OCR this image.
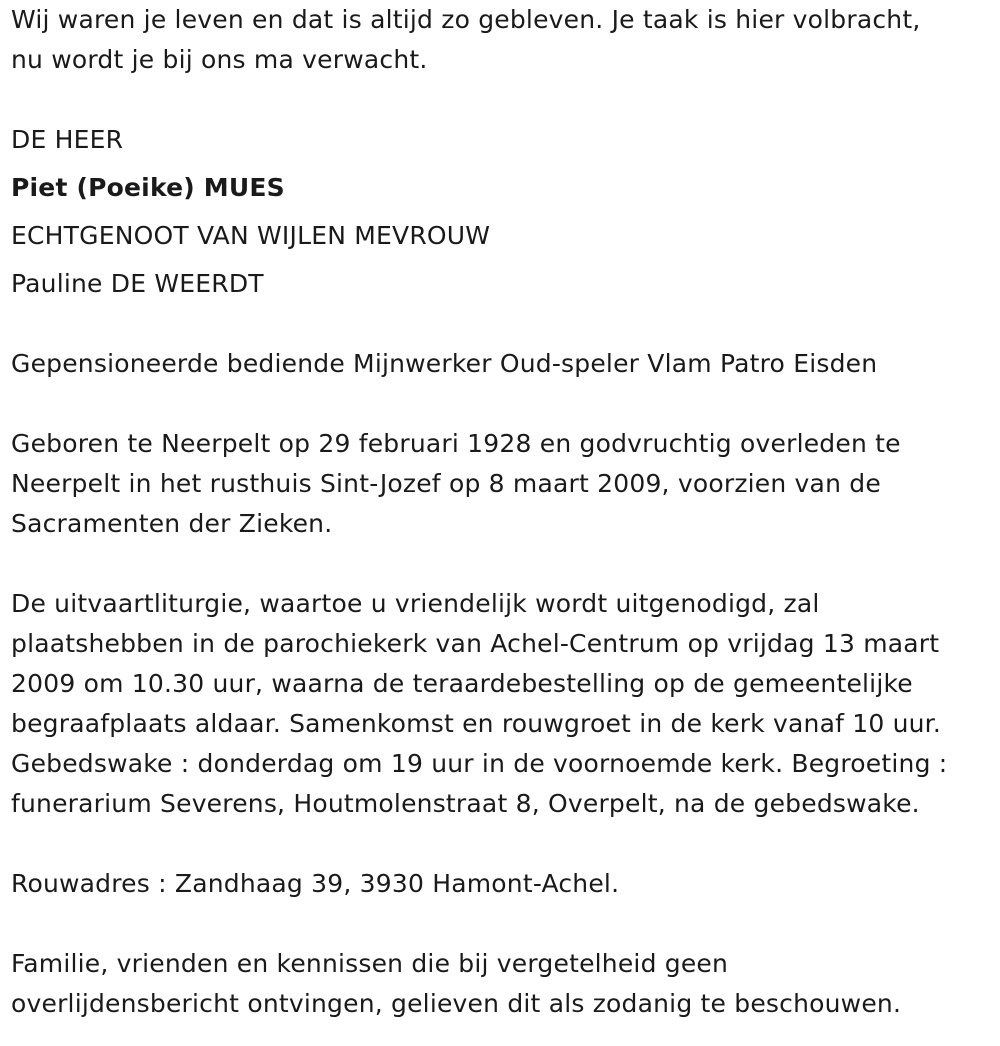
Wij waren je leven en dat is altijd zo gebleven. Je taak is hier volbracht,

nu wordt je bij ons ma verwacht.

DE HEER

Piet (Poeike) MUES

ECHTGENOOT VAN WIJLEN MEVROUW

Pauline DE WEERDT

Gepensioneerde bediende Mijnwerker Oud-speler Vlam Patro Eisden

Geboren te Neerpelt op 29 februari 1928 en godvruchtig overleden te

Neerpelt in het rusthuis Sint-Jozef op 8 maart 2009, voorzien van de

Sacramenten der Zieken.

De uitvaartliturgie, waartoe u vriendelijk wordt uitgenodigd, zal

plaatshebben in de parochiekerk van Achel-Centrum op vrijdag 13 maart

2009 om 10.30 uur, waarna de teraardebestelling op de gemeentelijke

begraafplaats aldaar. Samenkomst en rouwgroet in de kerk vanaf 10 uur.

Gebedswake : donderdag om 19 uur in de voornoemde kerk. Begroeting :

funerarium Severens, Houtmolenstraat 8, Overpelt, na de gebedswake.

Rouwadres : Zandhaag 39, 3930 Hamont-Achel.

Familie, vrienden en kennissen die bij vergetelheid geen

overlijdensbericht ontvingen, gelieven dit als zodanig te beschouwen.
